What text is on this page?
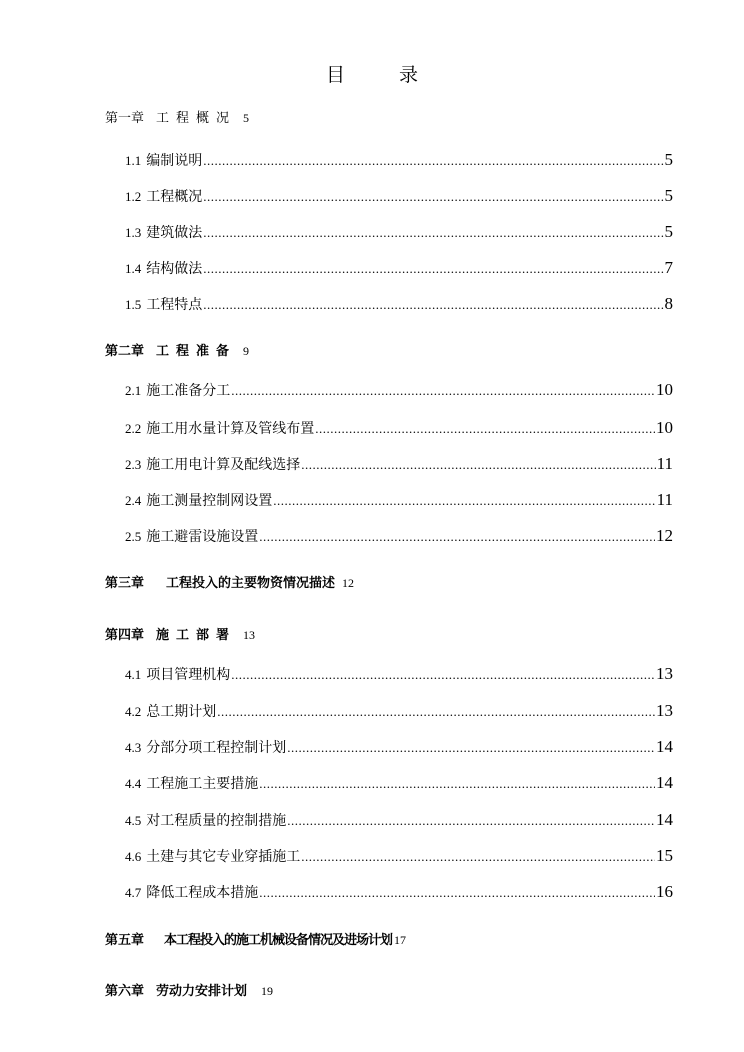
目 录
第一章 工程概况 5
1.1 编制说明 .....	5
1.2 工程概况 .....	5
1.3 建筑做法 .....	5
1.4 结构做法 .....	7
1.5 工程特点 .....	8
第二章 工程准备 9
2.1 施工准备分工 .....	10
2.2 施工用水量计算及管线布置 .....	10
2.3 施工用电计算及配线选择 .....	11
2.4 施工测量控制网设置 .....	11
2.5 施工避雷设施设置 .....	12
第三章 工程投入的主要物资情况描述 12
第四章 施工部署 13
4.1 项目管理机构 .....	13
4.2 总工期计划 .....	13
4.3 分部分项工程控制计划 .....	14
4.4 工程施工主要措施 .....	14
4.5 对工程质量的控制措施 .....	14
4.6 土建与其它专业穿插施工 .....	15
4.7 降低工程成本措施 .....	16
第五章 本工程投入的施工机械设备情况及进场计划 17
第六章 劳动力安排计划 19
